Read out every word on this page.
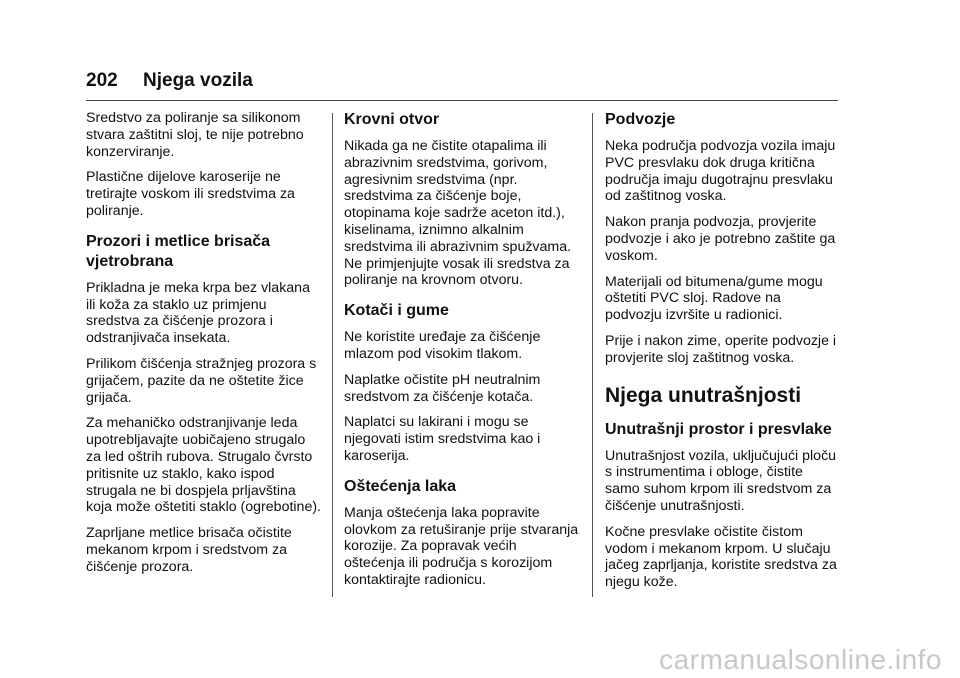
202 Njega vozila

Sredstvo za poliranje sa silikonom stvara zaštitni sloj, te nije potrebno konzerviranje.

Plastične dijelove karoserije ne tretirajte voskom ili sredstvima za poliranje.

Prozori i metlice brisača vjetrobrana

Prikladna je meka krpa bez vlakana ili koža za staklo uz primjenu sredstva za čišćenje prozora i odstranjivača insekata.

Prilikom čišćenja stražnjeg prozora s grijačem, pazite da ne oštetite žice grijača.

Za mehaničko odstranjivanje leda upotrebljavajte uobičajeno strugalo za led oštrih rubova. Strugalo čvrsto pritisnite uz staklo, kako ispod strugala ne bi dospjela prljavština koja može oštetiti staklo (ogrebotine).

Zaprljane metlice brisača očistite mekanom krpom i sredstvom za čišćenje prozora.

Krovni otvor

Nikada ga ne čistite otapalima ili abrazivnim sredstvima, gorivom, agresivnim sredstvima (npr. sredstvima za čišćenje boje, otopinama koje sadrže aceton itd.), kiselinama, iznimno alkalnim sredstvima ili abrazivnim spužvama. Ne primjenjujte vosak ili sredstva za poliranje na krovnom otvoru.

Kotači i gume

Ne koristite uređaje za čišćenje mlazom pod visokim tlakom.

Naplatke očistite pH neutralnim sredstvom za čišćenje kotača.

Naplatci su lakirani i mogu se njegovati istim sredstvima kao i karoserija.

Oštećenja laka

Manja oštećenja laka popravite olovkom za retuširanje prije stvaranja korozije. Za popravak većih oštećenja ili područja s korozijom kontaktirajte radionicu.

Podvozje

Neka područja podvozja vozila imaju PVC presvlaku dok druga kritična područja imaju dugotrajnu presvlaku od zaštitnog voska.

Nakon pranja podvozja, provjerite podvozje i ako je potrebno zaštite ga voskom.

Materijali od bitumena/gume mogu oštetiti PVC sloj. Radove na podvozju izvršite u radionici.

Prije i nakon zime, operite podvozje i provjerite sloj zaštitnog voska.

Njega unutrašnjosti
Unutrašnji prostor i presvlake

Unutrašnjost vozila, uključujući ploču s instrumentima i obloge, čistite samo suhom krpom ili sredstvom za čišćenje unutrašnjosti.

Kočne presvlake očistite čistom vodom i mekanom krpom. U slučaju jačeg zaprljanja, koristite sredstva za njegu kože.

carmanualsonline.info
